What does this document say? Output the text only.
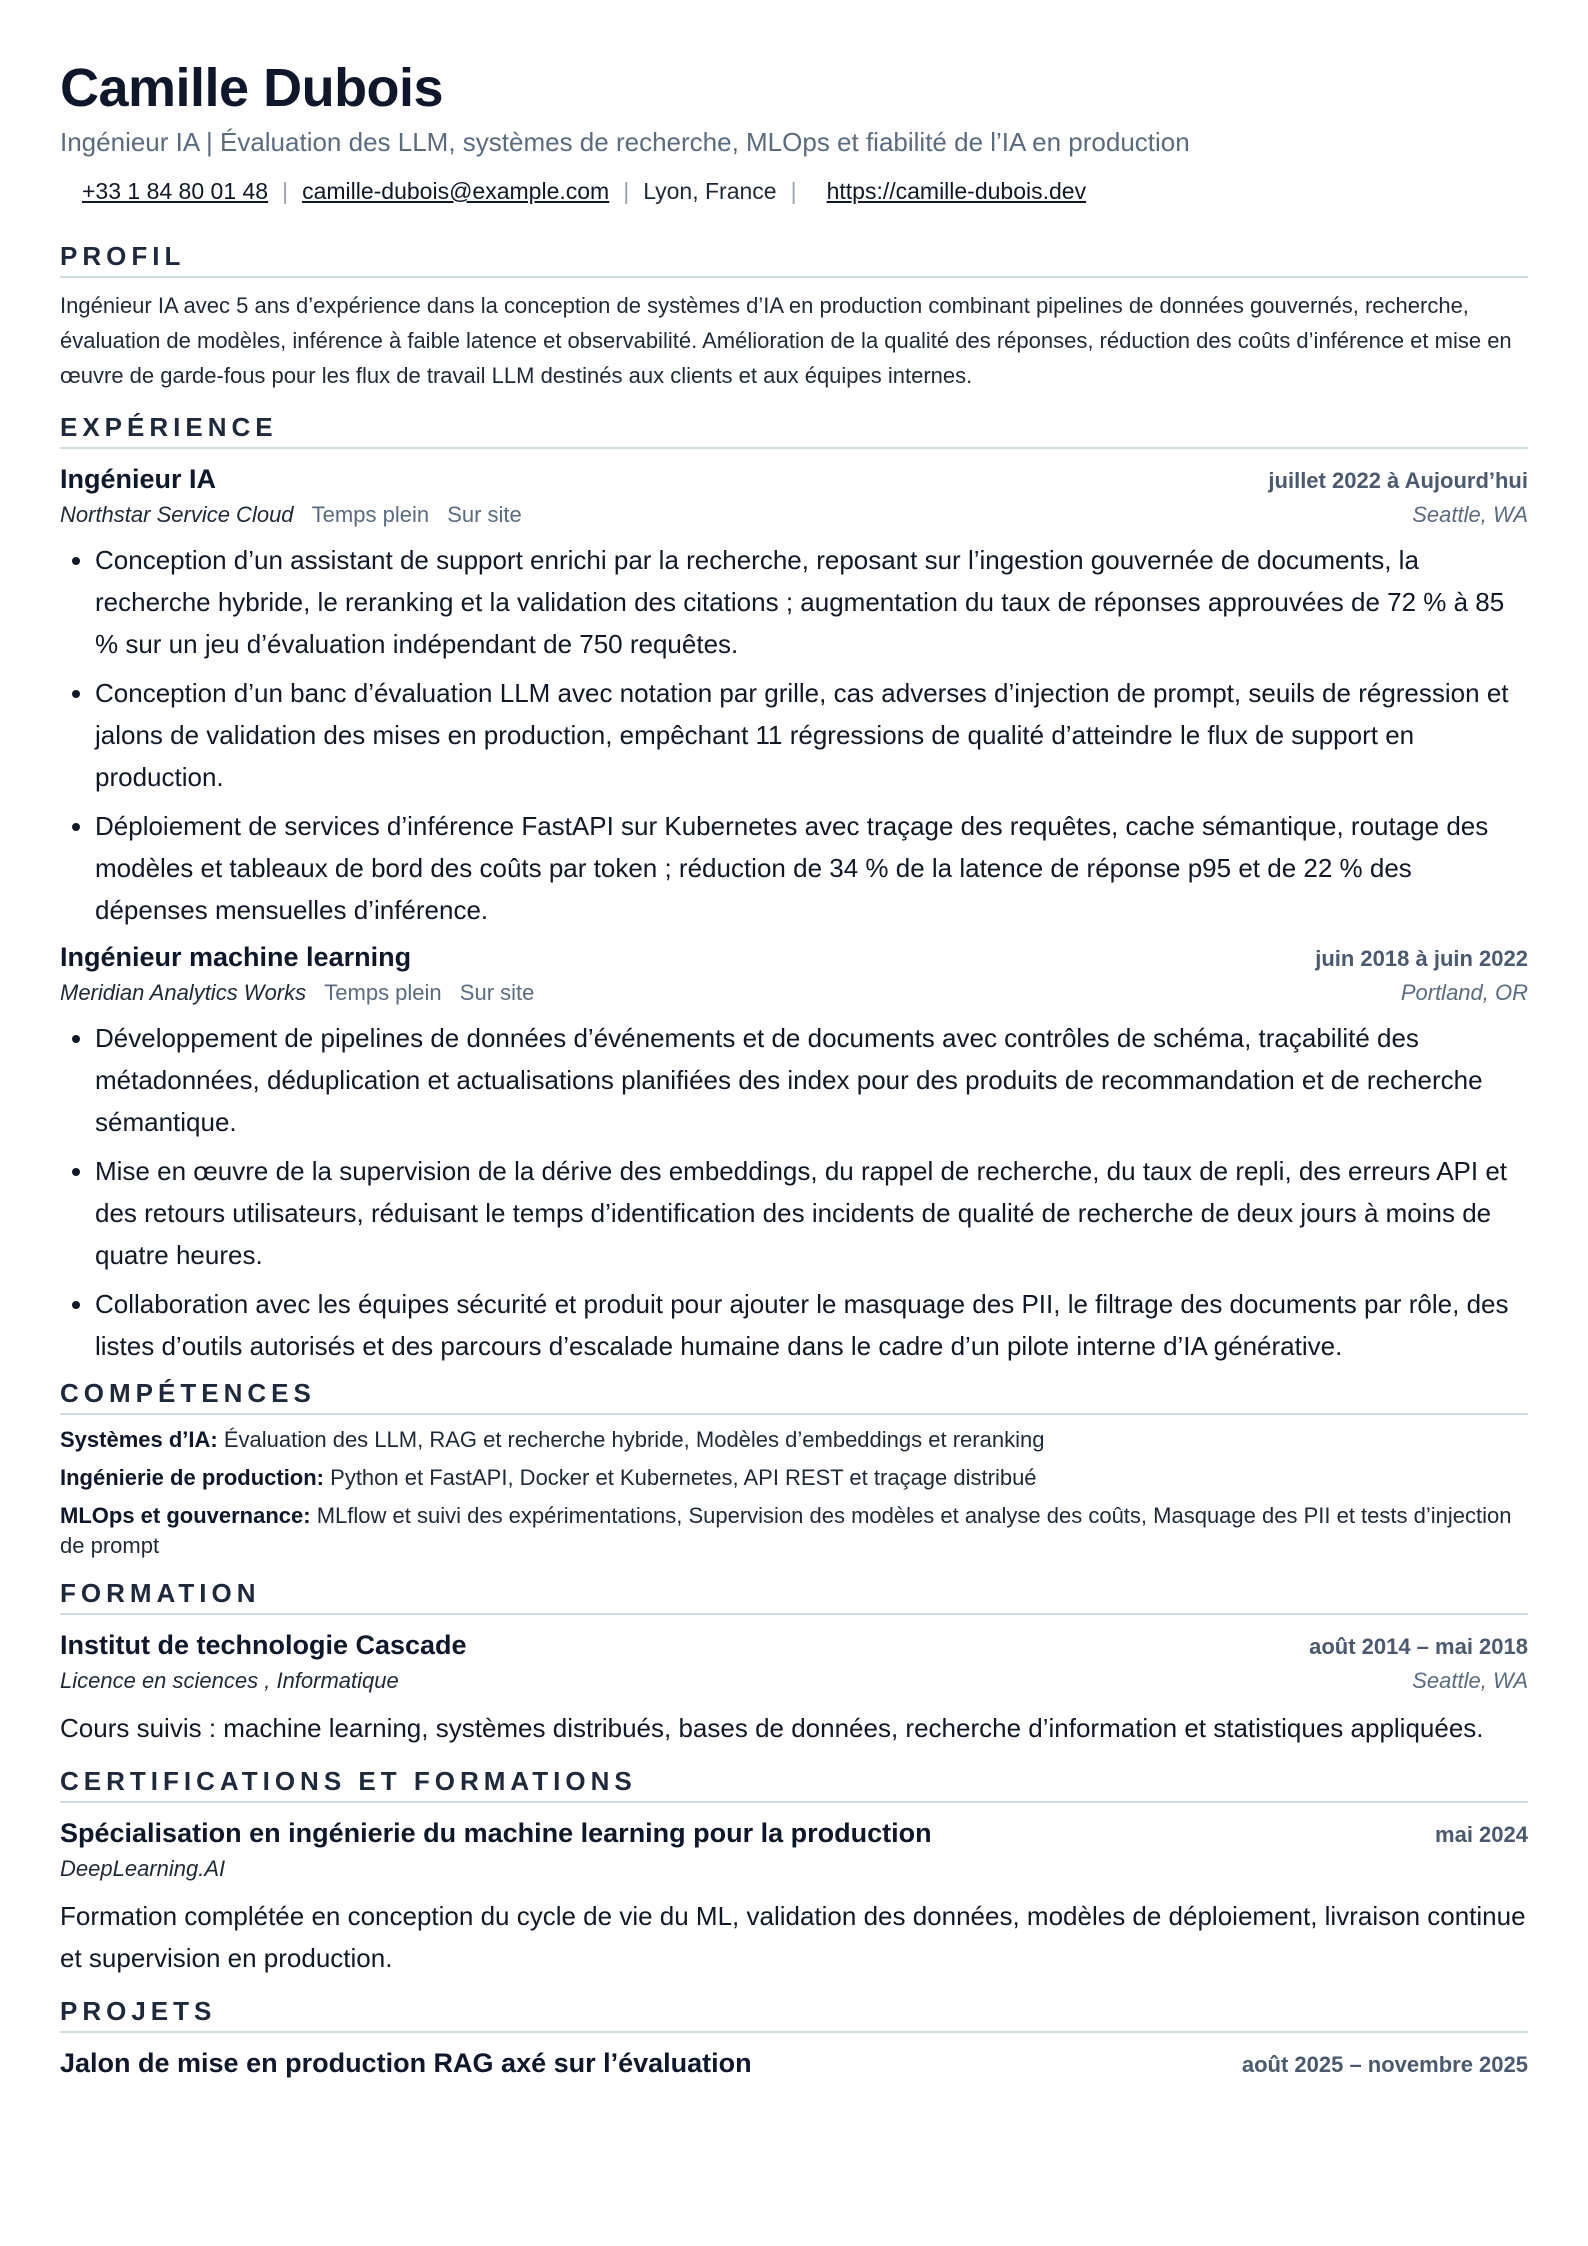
Camille Dubois
Ingénieur IA | Évaluation des LLM, systèmes de recherche, MLOps et fiabilité de l’IA en production
+33 1 84 80 01 48 | camille-dubois@example.com | Lyon, France | https://camille-dubois.dev
PROFIL
Ingénieur IA avec 5 ans d’expérience dans la conception de systèmes d’IA en production combinant pipelines de données gouvernés, recherche, évaluation de modèles, inférence à faible latence et observabilité. Amélioration de la qualité des réponses, réduction des coûts d’inférence et mise en œuvre de garde-fous pour les flux de travail LLM destinés aux clients et aux équipes internes.
EXPÉRIENCE
Ingénieur IA	juillet 2022 à Aujourd’hui
Northstar Service Cloud Temps plein Sur site	Seattle, WA
• Conception d’un assistant de support enrichi par la recherche, reposant sur l’ingestion gouvernée de documents, la recherche hybride, le reranking et la validation des citations ; augmentation du taux de réponses approuvées de 72 % à 85 % sur un jeu d’évaluation indépendant de 750 requêtes.
• Conception d’un banc d’évaluation LLM avec notation par grille, cas adverses d’injection de prompt, seuils de régression et jalons de validation des mises en production, empêchant 11 régressions de qualité d’atteindre le flux de support en production.
• Déploiement de services d’inférence FastAPI sur Kubernetes avec traçage des requêtes, cache sémantique, routage des modèles et tableaux de bord des coûts par token ; réduction de 34 % de la latence de réponse p95 et de 22 % des dépenses mensuelles d’inférence.
Ingénieur machine learning	juin 2018 à juin 2022
Meridian Analytics Works Temps plein Sur site	Portland, OR
• Développement de pipelines de données d’événements et de documents avec contrôles de schéma, traçabilité des métadonnées, déduplication et actualisations planifiées des index pour des produits de recommandation et de recherche sémantique.
• Mise en œuvre de la supervision de la dérive des embeddings, du rappel de recherche, du taux de repli, des erreurs API et des retours utilisateurs, réduisant le temps d’identification des incidents de qualité de recherche de deux jours à moins de quatre heures.
• Collaboration avec les équipes sécurité et produit pour ajouter le masquage des PII, le filtrage des documents par rôle, des listes d’outils autorisés et des parcours d’escalade humaine dans le cadre d’un pilote interne d’IA générative.
COMPÉTENCES
Systèmes d’IA: Évaluation des LLM, RAG et recherche hybride, Modèles d’embeddings et reranking
Ingénierie de production: Python et FastAPI, Docker et Kubernetes, API REST et traçage distribué
MLOps et gouvernance: MLflow et suivi des expérimentations, Supervision des modèles et analyse des coûts, Masquage des PII et tests d’injection de prompt
FORMATION
Institut de technologie Cascade	août 2014 – mai 2018
Licence en sciences , Informatique	Seattle, WA
Cours suivis : machine learning, systèmes distribués, bases de données, recherche d’information et statistiques appliquées.
CERTIFICATIONS ET FORMATIONS
Spécialisation en ingénierie du machine learning pour la production	mai 2024
DeepLearning.AI
Formation complétée en conception du cycle de vie du ML, validation des données, modèles de déploiement, livraison continue et supervision en production.
PROJETS
Jalon de mise en production RAG axé sur l’évaluation	août 2025 – novembre 2025
